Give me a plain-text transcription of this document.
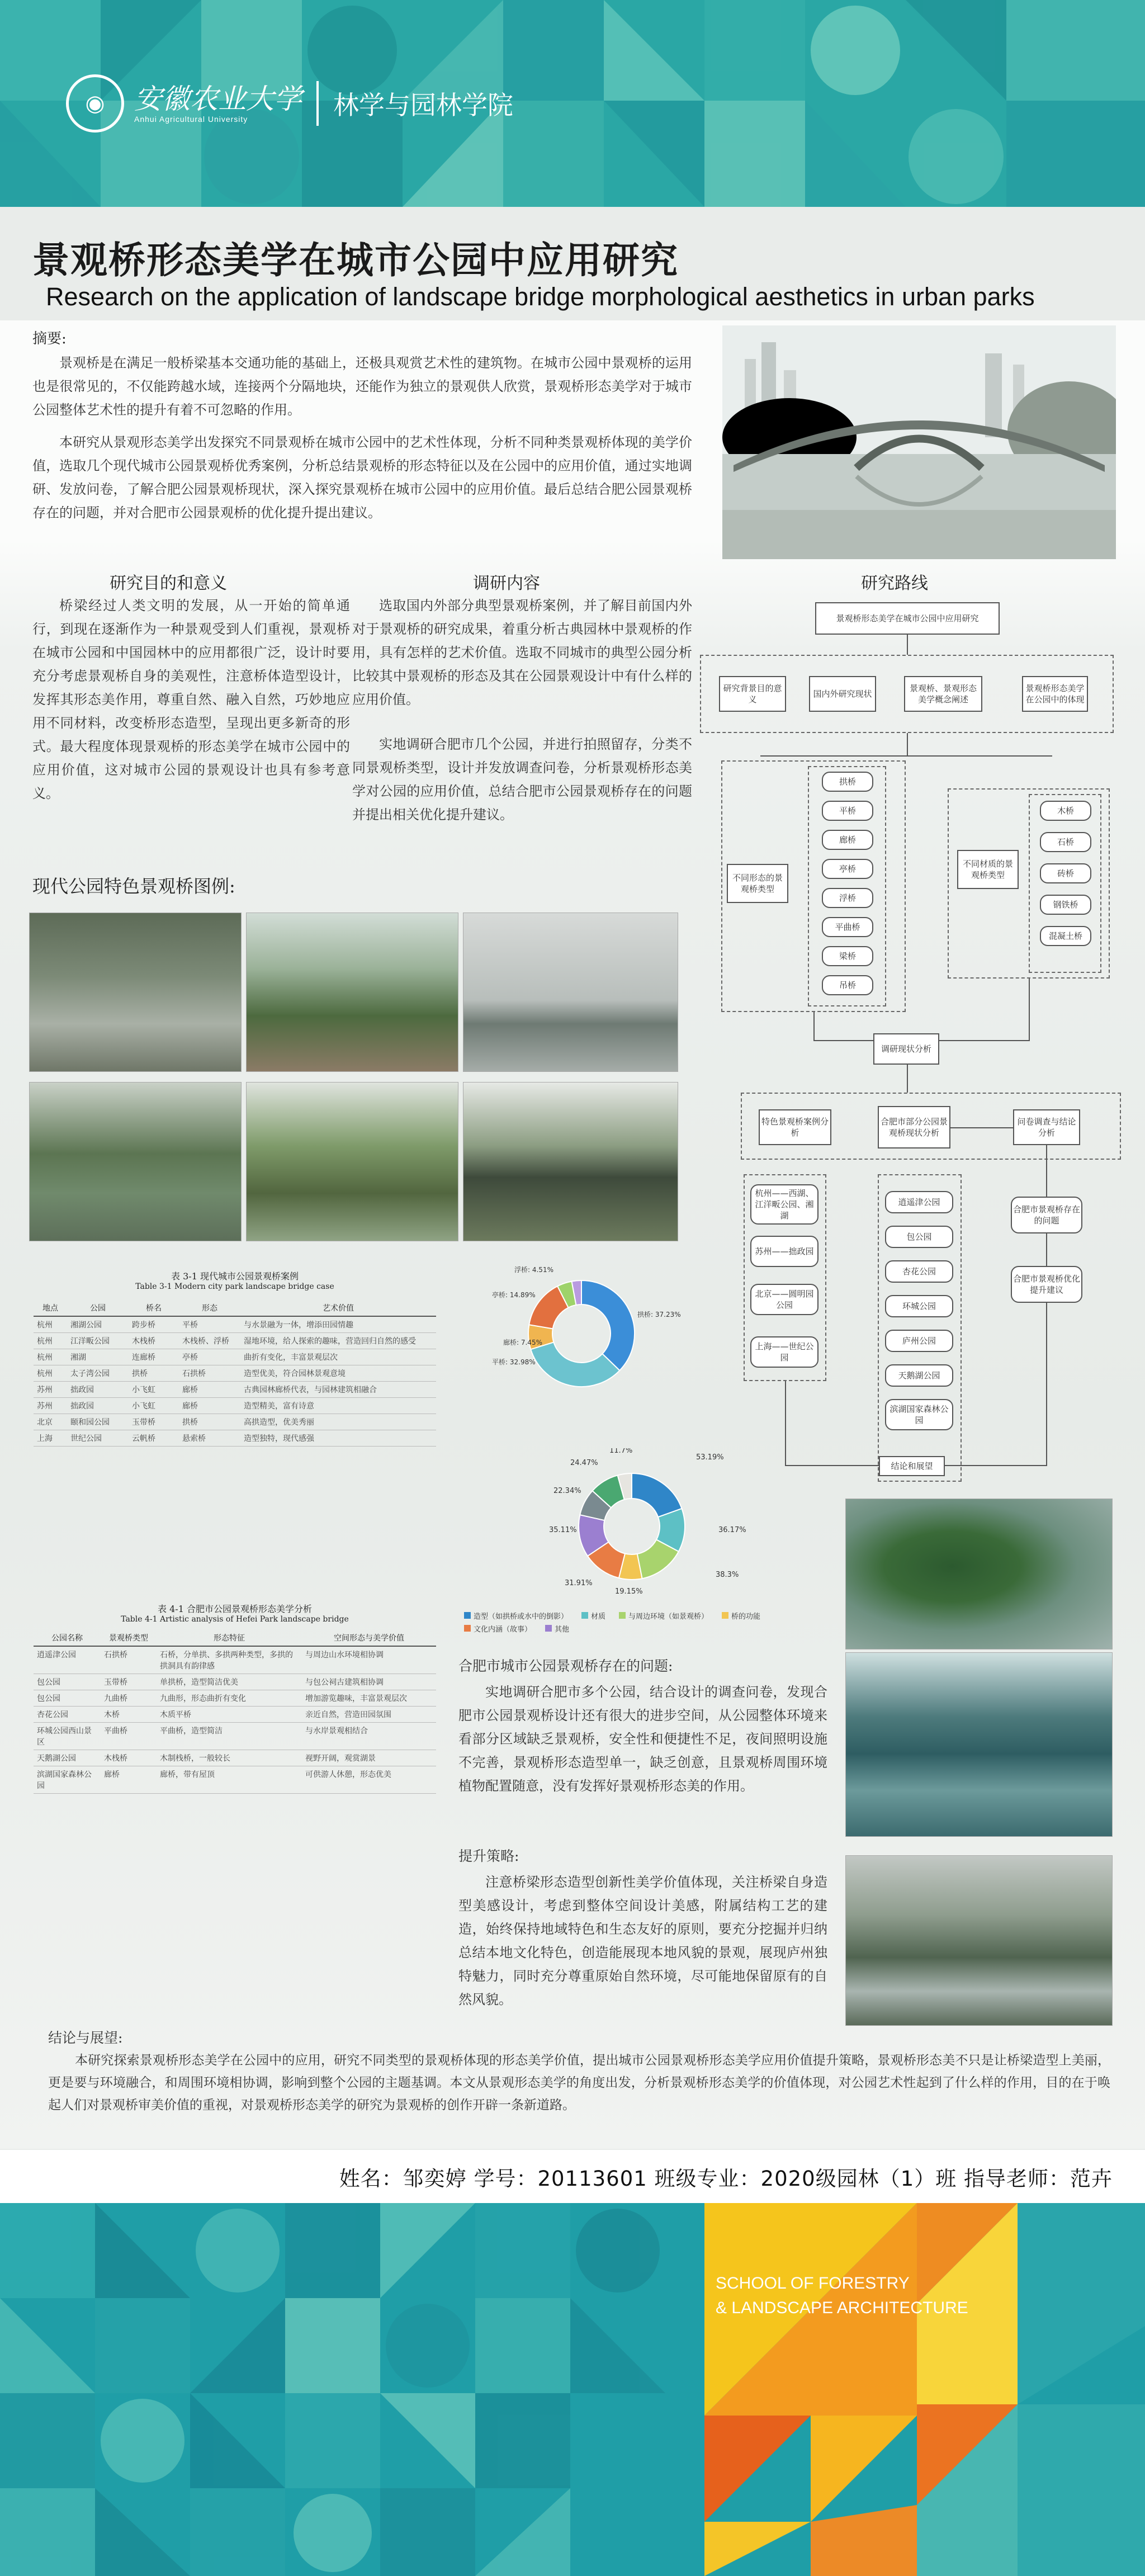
◉	安徽农业大学
Anhui Agricultural University	林学与园林学院
景观桥形态美学在城市公园中应用研究
Research on the application of landscape bridge morphological aesthetics in urban parks
摘要:
景观桥是在满足一般桥梁基本交通功能的基础上，还极具观赏艺术性的建筑物。在城市公园中景观桥的运用也是很常见的，不仅能跨越水域，连接两个分隔地块，还能作为独立的景观供人欣赏，景观桥形态美学对于城市公园整体艺术性的提升有着不可忽略的作用。
本研究从景观形态美学出发探究不同景观桥在城市公园中的艺术性体现，分析不同种类景观桥体现的美学价值，选取几个现代城市公园景观桥优秀案例，分析总结景观桥的形态特征以及在公园中的应用价值，通过实地调研、发放问卷，了解合肥公园景观桥现状，深入探究景观桥在城市公园中的应用价值。最后总结合肥公园景观桥存在的问题，并对合肥市公园景观桥的优化提升提出建议。
研究目的和意义
桥梁经过人类文明的发展，从一开始的简单通行，到现在逐渐作为一种景观受到人们重视，景观桥在城市公园和中国园林中的应用都很广泛，设计时要充分考虑景观桥自身的美观性，注意桥体造型设计，发挥其形态美作用，尊重自然、融入自然，巧妙地应用不同材料，改变桥形态造型，呈现出更多新奇的形式。最大程度体现景观桥的形态美学在城市公园中的应用价值，这对城市公园的景观设计也具有参考意义。
调研内容
选取国内外部分典型景观桥案例，并了解目前国内外对于景观桥的研究成果，着重分析古典园林中景观桥的作用，具有怎样的艺术价值。选取不同城市的典型公园分析比较其中景观桥的形态及其在公园景观设计中有什么样的应用价值。
实地调研合肥市几个公园，并进行拍照留存，分类不同景观桥类型，设计并发放调查问卷，分析景观桥形态美学对公园的应用价值，总结合肥市公园景观桥存在的问题并提出相关优化提升建议。
研究路线
现代公园特色景观桥图例:
景观桥形态美学在城市公园中应用研究
研究背景目的意义
国内外研究现状
景观桥、景观形态美学概念阐述
景观桥形态美学在公园中的体现
不同形态的景观桥类型
拱桥
平桥
廊桥
亭桥
浮桥
平曲桥
梁桥
吊桥
不同材质的景观桥类型
木桥
石桥
砖桥
钢铁桥
混凝土桥
调研现状分析
特色景观桥案例分析
合肥市部分公园景观桥现状分析
问卷调查与结论分析
杭州——西湖、江洋畈公园、湘湖
苏州——拙政园
北京——圆明园公园
上海——世纪公园
逍遥津公园
包公园
杏花公园
环城公园
庐州公园
天鹅湖公园
滨湖国家森林公园
合肥市景观桥存在的问题
合肥市景观桥优化提升建议
结论和展望
表 3-1 现代城市公园景观桥案例
Table 3-1 Modern city park landscape bridge case
地点	公园	桥名	形态	艺术价值
杭州	湘湖公园	跨步桥	平桥	与水景融为一体，增添田园情趣
杭州	江洋畈公园	木栈桥	木栈桥、浮桥	湿地环境，给人探索的趣味，营造回归自然的感受
杭州	湘湖	连廊桥	亭桥	曲折有变化，丰富景观层次
杭州	太子湾公园	拱桥	石拱桥	造型优美，符合园林景观意境
苏州	拙政园	小飞虹	廊桥	古典园林廊桥代表，与园林建筑相融合
苏州	拙政园	小飞虹	廊桥	造型精美，富有诗意
北京	颐和园公园	玉带桥	拱桥	高拱造型，优美秀丽
上海	世纪公园	云帆桥	悬索桥	造型独特，现代感强
拱桥: 37.23%
平桥: 32.98%
廊桥: 7.45%
亭桥: 14.89%
浮桥: 4.51%
53.19%
36.17%
38.3%
19.15%
31.91%
35.11%
22.34%
24.47%
11.7%
造型（如拱桥或水中的倒影）	材质	与周边环境（如景观桥）	桥的功能
文化内涵（故事）	其他
表 4-1 合肥市公园景观桥形态美学分析
Table 4-1 Artistic analysis of Hefei Park landscape bridge
公园名称	景观桥类型	形态特征	空间形态与美学价值
逍遥津公园	石拱桥	石桥，分单拱、多拱两种类型，多拱的拱洞具有韵律感	与周边山水环境相协调
包公园	玉带桥	单拱桥，造型简洁优美	与包公祠古建筑相协调
包公园	九曲桥	九曲形，形态曲折有变化	增加游览趣味，丰富景观层次
杏花公园	木桥	木质平桥	亲近自然，营造田园氛围
环城公园西山景区	平曲桥	平曲桥，造型简洁	与水岸景观相结合
天鹅湖公园	木栈桥	木制栈桥，一般较长	视野开阔，观赏湖景
滨湖国家森林公园	廊桥	廊桥，带有屋顶	可供游人休憩，形态优美
合肥市城市公园景观桥存在的问题:
实地调研合肥市多个公园，结合设计的调查问卷，发现合肥市公园景观桥设计还有很大的进步空间，从公园整体环境来看部分区域缺乏景观桥，安全性和便捷性不足，夜间照明设施不完善，景观桥形态造型单一，缺乏创意，且景观桥周围环境植物配置随意，没有发挥好景观桥形态美的作用。
提升策略:
注意桥梁形态造型创新性美学价值体现，关注桥梁自身造型美感设计，考虑到整体空间设计美感，附属结构工艺的建造，始终保持地域特色和生态友好的原则，要充分挖掘并归纳总结本地文化特色，创造能展现本地风貌的景观，展现庐州独特魅力，同时充分尊重原始自然环境，尽可能地保留原有的自然风貌。
结论与展望:
本研究探索景观桥形态美学在公园中的应用，研究不同类型的景观桥体现的形态美学价值，提出城市公园景观桥形态美学应用价值提升策略，景观桥形态美不只是让桥梁造型上美丽，更是要与环境融合，和周围环境相协调，影响到整个公园的主题基调。本文从景观形态美学的角度出发，分析景观桥形态美学的价值体现，对公园艺术性起到了什么样的作用，目的在于唤起人们对景观桥审美价值的重视，对景观桥形态美学的研究为景观桥的创作开辟一条新道路。
姓名：邹奕婷 学号：20113601 班级专业：2020级园林（1）班 指导老师：范卉
SCHOOL OF FORESTRY
& LANDSCAPE ARCHITECTURE
